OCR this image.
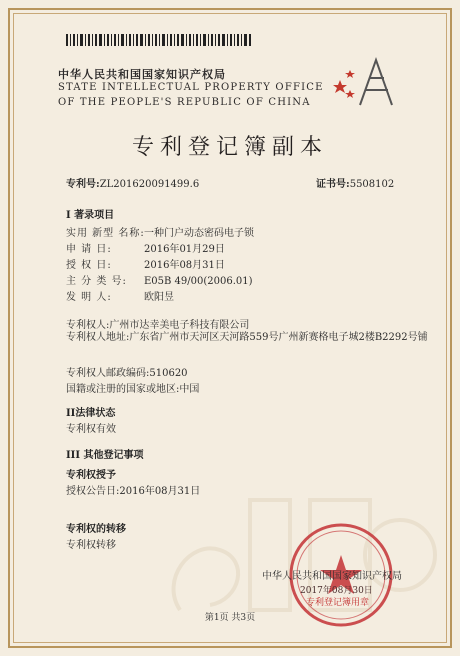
中华人民共和国国家知识产权局
STATE INTELLECTUAL PROPERTY OFFICE
OF THE PEOPLE'S REPUBLIC OF CHINA
专利登记簿副本
专利号:ZL201620091499.6	证书号:5508102
I 著录项目
实用 新型 名称:一种门户动态密码电子锁
申 请 日:	2016年01月29日
授 权 日:	2016年08月31日
主 分 类 号: E05B 49/00(2006.01)
发 明 人:	欧阳昱
专利权人:广州市达幸美电子科技有限公司
专利权人地址:广东省广州市天河区天河路559号广州新赛格电子城2楼B2292号铺
专利权人邮政编码:510620
国籍或注册的国家或地区:中国
II法律状态
专利权有效
III 其他登记事项
专利权授予
授权公告日:2016年08月31日
专利权的转移
专利权转移
中华人民共和国国家知识产权局
2017年08月30日
专利登记簿用章
第1页 共3页
